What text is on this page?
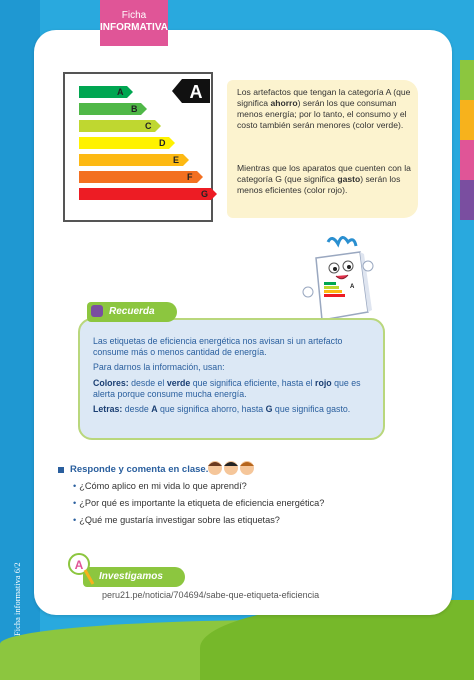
Ficha
INFORMATIVA
A
B
C
D
E
F
G
A	Los artefactos que tengan la categoría A (que significa ahorro) serán los que consuman menos energía; por lo tanto, el consumo y el costo también serán menores (color verde).

Mientras que los aparatos que cuenten con la categoría G (que significa gasto) serán los menos eficientes (color rojo).

A
Recuerda

Las etiquetas de eficiencia energética nos avisan si un artefacto consume más o menos cantidad de energía.

Para darnos la información, usan:

Colores: desde el verde que significa eficiente, hasta el rojo que es alerta porque consume mucha energía.

Letras: desde A que significa ahorro, hasta G que significa gasto.

Responde y comenta en clase.
• ¿Cómo aplico en mi vida lo que aprendí?
• ¿Por qué es importante la etiqueta de eficiencia energética?
• ¿Qué me gustaría investigar sobre las etiquetas?
Investigamos
A
peru21.pe/noticia/704694/sabe-que-etiqueta-eficiencia
Ficha informativa 6/2
